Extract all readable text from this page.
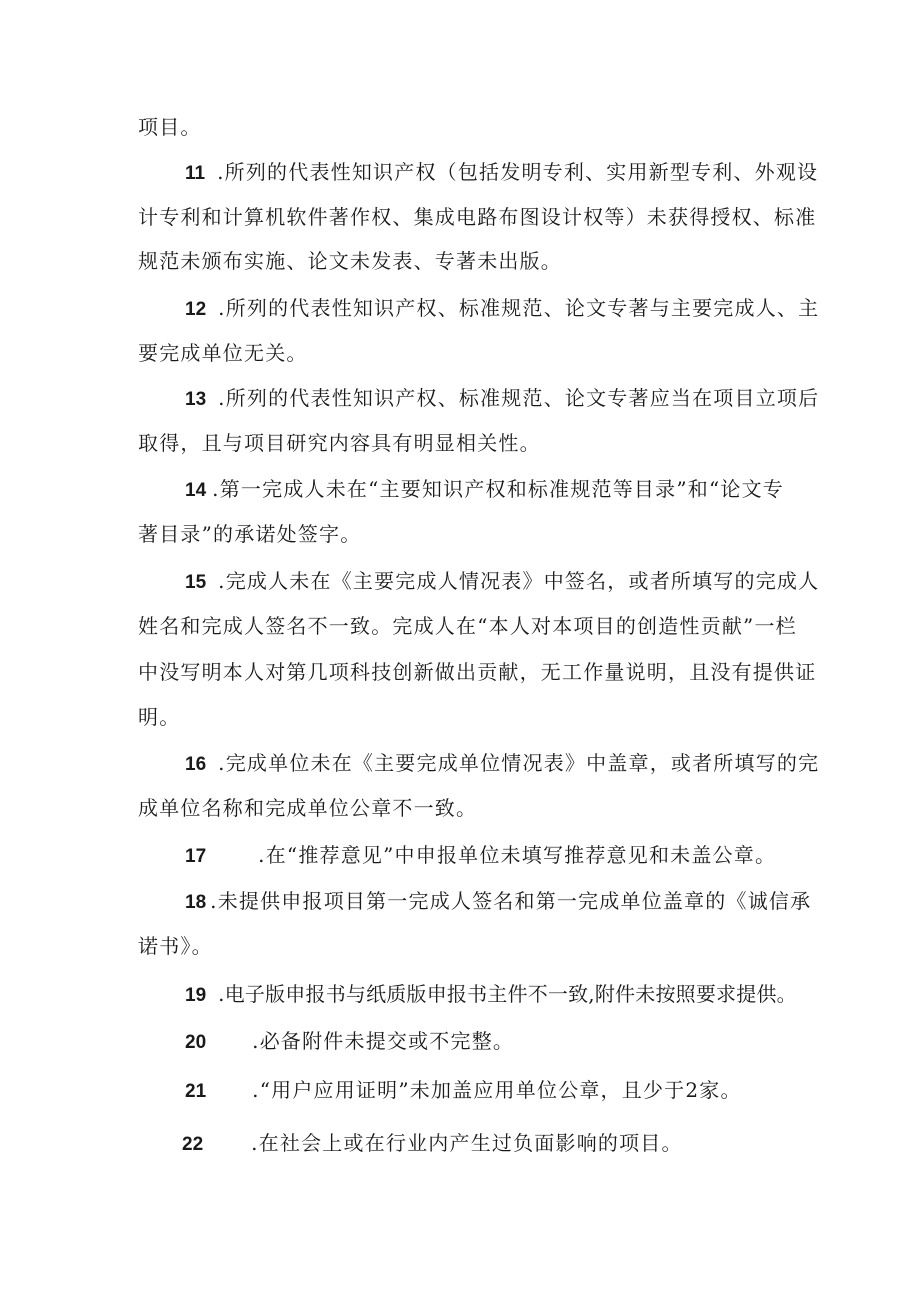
项目。
11 .所列的代表性知识产权（包括发明专利、实用新型专利、外观设
计专利和计算机软件著作权、集成电路布图设计权等）未获得授权、标准
规范未颁布实施、论文未发表、专著未出版。
12 .所列的代表性知识产权、标准规范、论文专著与主要完成人、主
要完成单位无关。
13 .所列的代表性知识产权、标准规范、论文专著应当在项目立项后
取得，且与项目研究内容具有明显相关性。
14 .第一完成人未在“主要知识产权和标准规范等目录”和“论文专
著目录”的承诺处签字。
15 .完成人未在《主要完成人情况表》中签名，或者所填写的完成人
姓名和完成人签名不一致。完成人在“本人对本项目的创造性贡献”一栏
中没写明本人对第几项科技创新做出贡献，无工作量说明，且没有提供证
明。
16 .完成单位未在《主要完成单位情况表》中盖章，或者所填写的完
成单位名称和完成单位公章不一致。
17	.在“推荐意见”中申报单位未填写推荐意见和未盖公章。
18 .未提供申报项目第一完成人签名和第一完成单位盖章的《诚信承
诺书》。
19 .电子版申报书与纸质版申报书主件不一致,附件未按照要求提供。
20 .必备附件未提交或不完整。
21 .“用户应用证明”未加盖应用单位公章，且少于2家。
22 .在社会上或在行业内产生过负面影响的项目。
